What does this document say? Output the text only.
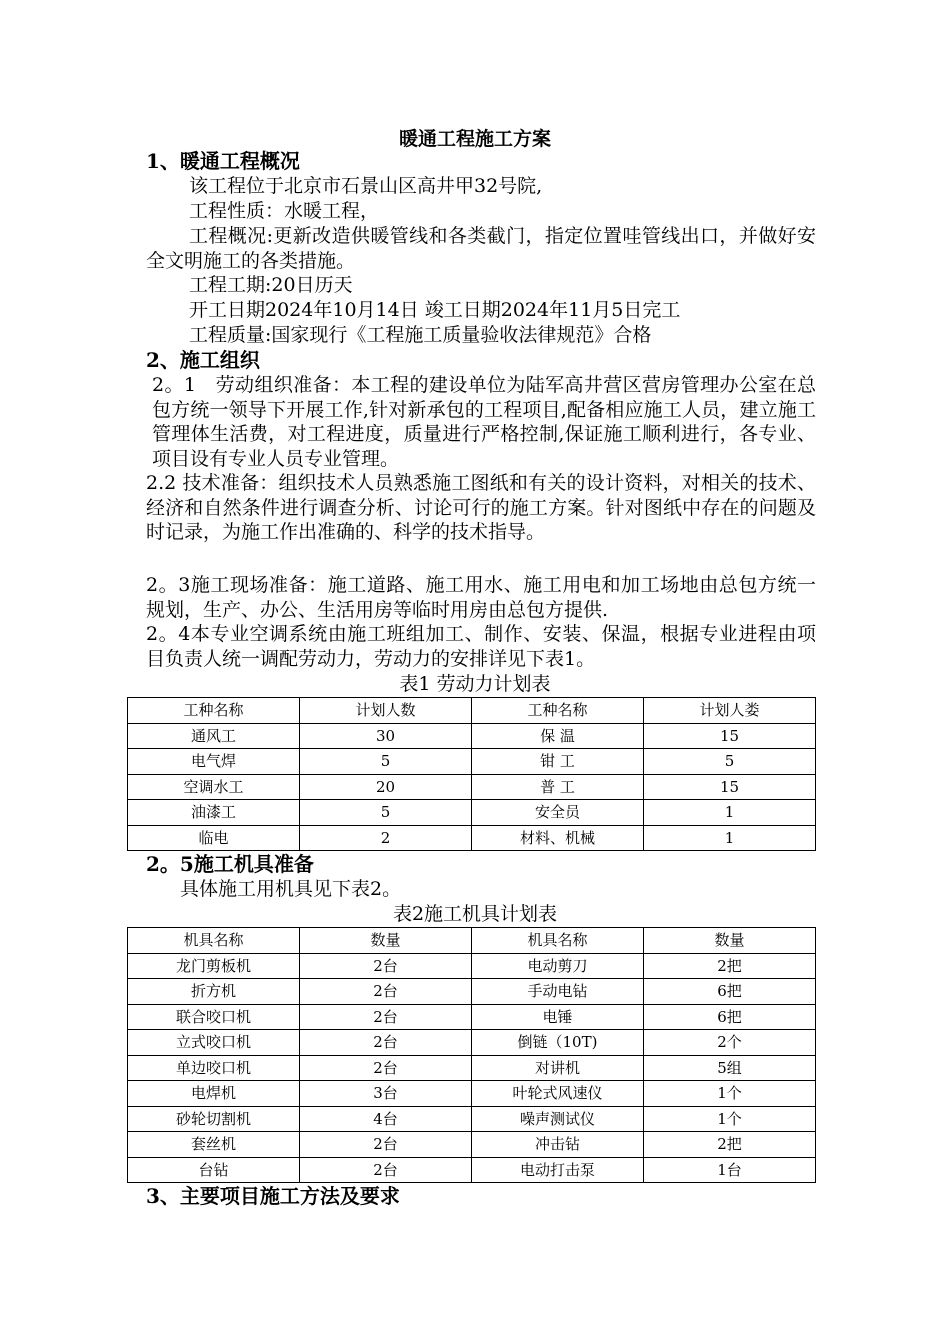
暖通工程施工方案
1、暖通工程概况
该工程位于北京市石景山区高井甲32号院,
工程性质：水暖工程，
工程概况:更新改造供暖管线和各类截门，指定位置哇管线出口，并做好安全文明施工的各类措施。
工程工期:20日历天
开工日期2024年10月14日 竣工日期2024年11月5日完工
工程质量:国家现行《工程施工质量验收法律规范》合格
2、施工组织
2。1　劳动组织准备：本工程的建设单位为陆军高井营区营房管理办公室在总包方统一领导下开展工作,针对新承包的工程项目,配备相应施工人员，建立施工管理体生活费，对工程进度，质量进行严格控制,保证施工顺利进行，各专业、项目设有专业人员专业管理。
2.2 技术准备：组织技术人员熟悉施工图纸和有关的设计资料，对相关的技术、经济和自然条件进行调查分析、讨论可行的施工方案。针对图纸中存在的问题及时记录，为施工作出准确的、科学的技术指导。
2。3施工现场准备：施工道路、施工用水、施工用电和加工场地由总包方统一规划，生产、办公、生活用房等临时用房由总包方提供.
2。4本专业空调系统由施工班组加工、制作、安装、保温，根据专业进程由项目负责人统一调配劳动力，劳动力的安排详见下表1。
表1 劳动力计划表
工种名称	计划人数	工种名称	计划人娄
通风工	30	保 温	15
电气焊	5	钳 工	5
空调水工	20	普 工	15
油漆工	5	安全员	1
临电	2	材料、机械	1
2。5施工机具准备
具体施工用机具见下表2。
表2施工机具计划表
机具名称	数量	机具名称	数量
龙门剪板机	2台	电动剪刀	2把
折方机	2台	手动电钻	6把
联合咬口机	2台	电锤	6把
立式咬口机	2台	倒链（10T)	2个
单边咬口机	2台	对讲机	5组
电焊机	3台	叶轮式风速仪	1个
砂轮切割机	4台	噪声测试仪	1个
套丝机	2台	冲击钻	2把
台钻	2台	电动打击泵	1台
3、主要项目施工方法及要求
